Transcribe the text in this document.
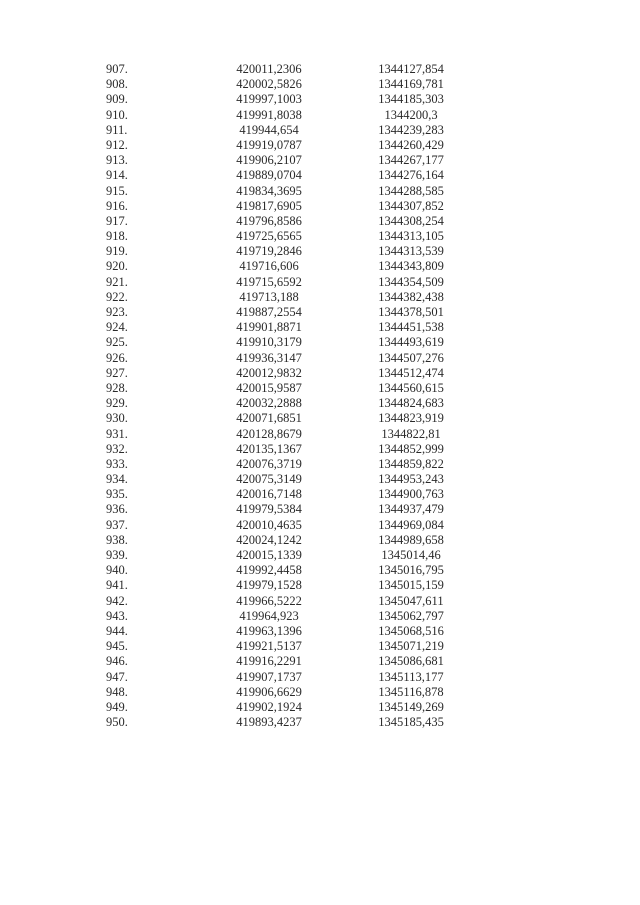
907.	420011,2306	1344127,854
908.	420002,5826	1344169,781
909.	419997,1003	1344185,303
910.	419991,8038	1344200,3
911.	419944,654	1344239,283
912.	419919,0787	1344260,429
913.	419906,2107	1344267,177
914.	419889,0704	1344276,164
915.	419834,3695	1344288,585
916.	419817,6905	1344307,852
917.	419796,8586	1344308,254
918.	419725,6565	1344313,105
919.	419719,2846	1344313,539
920.	419716,606	1344343,809
921.	419715,6592	1344354,509
922.	419713,188	1344382,438
923.	419887,2554	1344378,501
924.	419901,8871	1344451,538
925.	419910,3179	1344493,619
926.	419936,3147	1344507,276
927.	420012,9832	1344512,474
928.	420015,9587	1344560,615
929.	420032,2888	1344824,683
930.	420071,6851	1344823,919
931.	420128,8679	1344822,81
932.	420135,1367	1344852,999
933.	420076,3719	1344859,822
934.	420075,3149	1344953,243
935.	420016,7148	1344900,763
936.	419979,5384	1344937,479
937.	420010,4635	1344969,084
938.	420024,1242	1344989,658
939.	420015,1339	1345014,46
940.	419992,4458	1345016,795
941.	419979,1528	1345015,159
942.	419966,5222	1345047,611
943.	419964,923	1345062,797
944.	419963,1396	1345068,516
945.	419921,5137	1345071,219
946.	419916,2291	1345086,681
947.	419907,1737	1345113,177
948.	419906,6629	1345116,878
949.	419902,1924	1345149,269
950.	419893,4237	1345185,435
